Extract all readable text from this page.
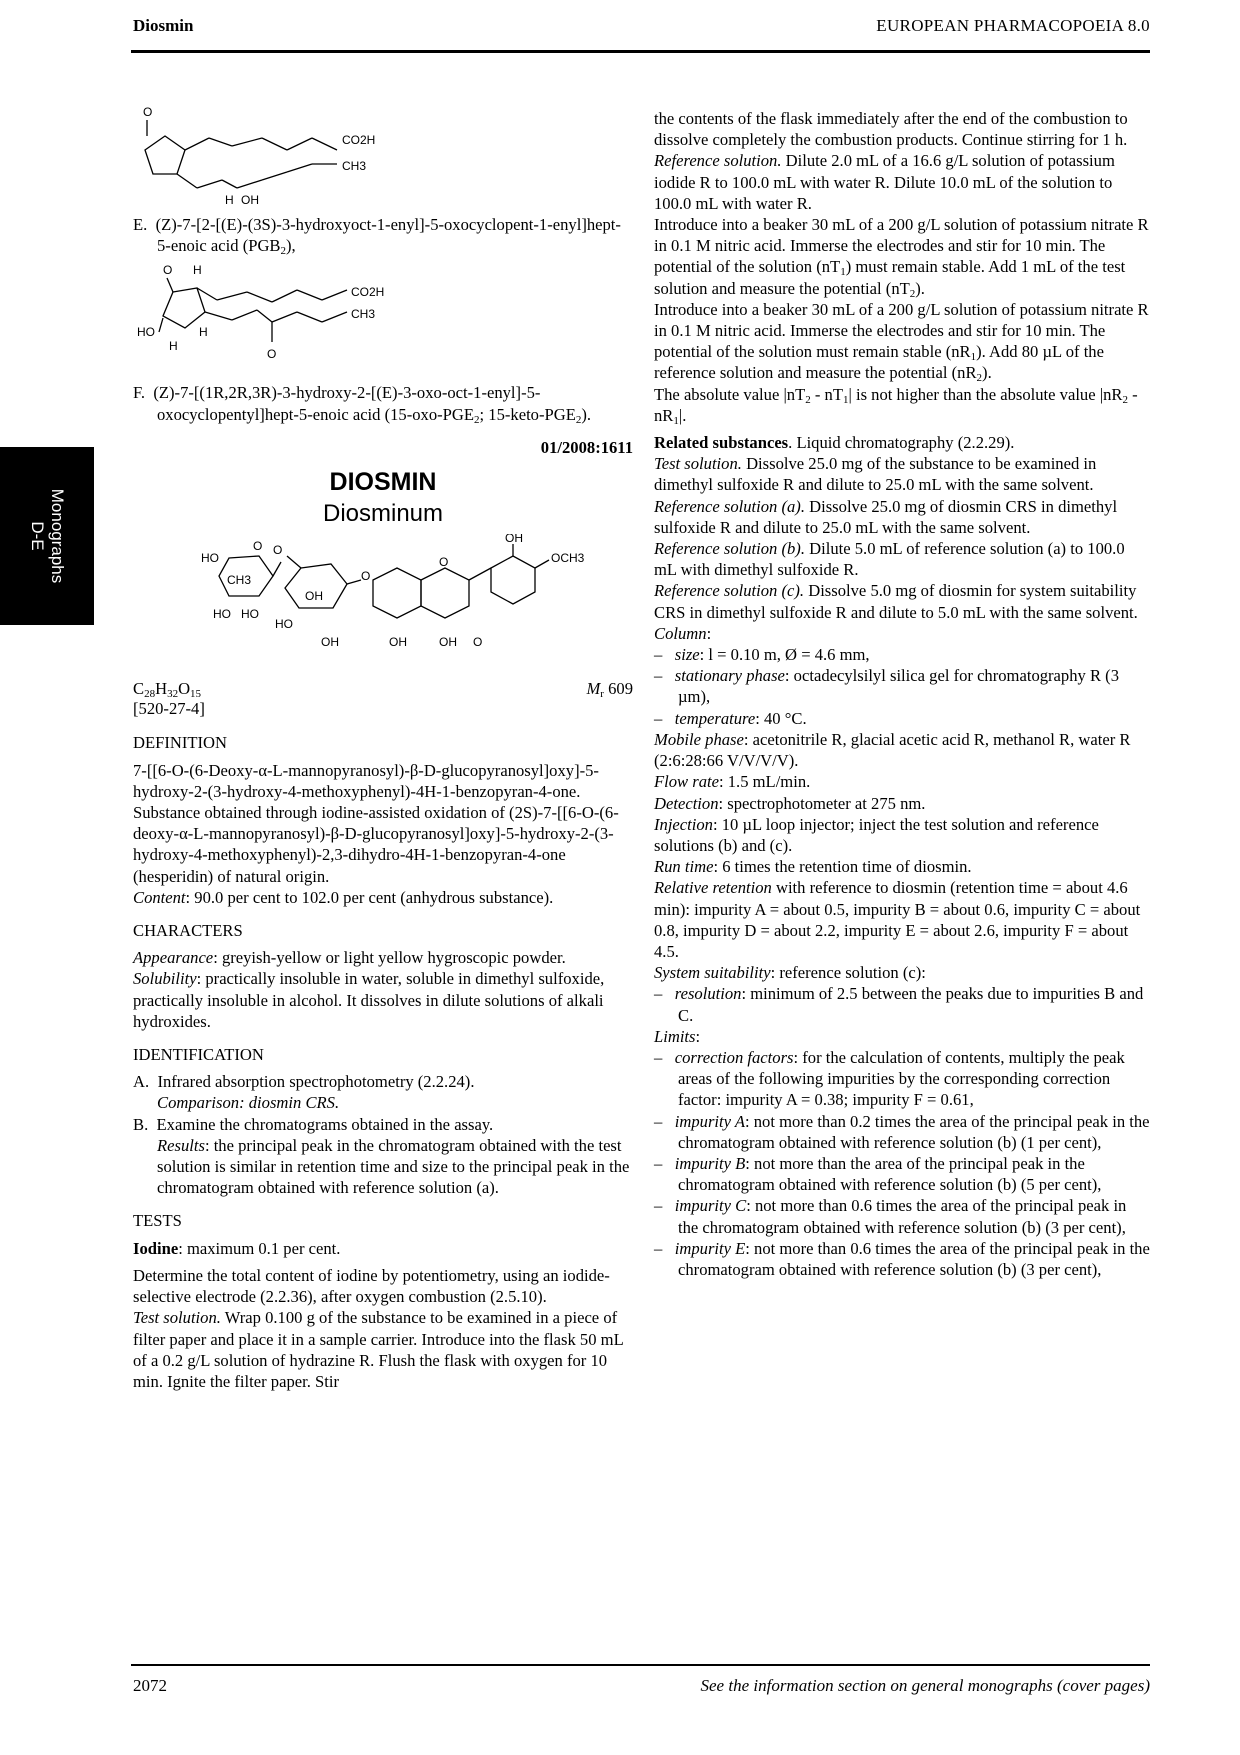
Diosmin	EUROPEAN PHARMACOPOEIA 8.0
Monographs
D-E
O
CO2H
CH3
H OH

E. (Z)-7-[2-[(E)-(3S)-3-hydroxyoct-1-enyl]-5-oxocyclopent-1-enyl]hept-5-enoic acid $(PGB_2)$,

O H
CO2H
CH3
HO
H
H
O

F. (Z)-7-[(1R,2R,3R)-3-hydroxy-2-[(E)-3-oxo-oct-1-enyl]-5-oxocyclopentyl]hept-5-enoic acid ($15-oxo-PGE_2$; $15-keto-PGE_2$).

01/2008:1611

DIOSMIN

Diosminum

HO
O
CH3
HO HO
O
OH
HO
OH
O
O
OH
OCH3
OH	OH O
$C_{28}H_{32}O_{15}$	$M_r$ 609
[520-27-4]

DEFINITION

7-[[6-O-(6-Deoxy-α-L-mannopyranosyl)-β-D-glucopyranosyl]oxy]-5-hydroxy-2-(3-hydroxy-4-methoxyphenyl)-4H-1-benzopyran-4-one.

Substance obtained through iodine-assisted oxidation of (2S)-7-[[6-O-(6-deoxy-α-L-mannopyranosyl)-β-D-glucopyranosyl]oxy]-5-hydroxy-2-(3-hydroxy-4-methoxyphenyl)-2,3-dihydro-4H-1-benzopyran-4-one (hesperidin) of natural origin.

Content: 90.0 per cent to 102.0 per cent (anhydrous substance).

CHARACTERS

Appearance: greyish-yellow or light yellow hygroscopic powder.

Solubility: practically insoluble in water, soluble in dimethyl sulfoxide, practically insoluble in alcohol. It dissolves in dilute solutions of alkali hydroxides.

IDENTIFICATION

A. Infrared absorption spectrophotometry (2.2.24).

Comparison: diosmin CRS.

B. Examine the chromatograms obtained in the assay.

Results: the principal peak in the chromatogram obtained with the test solution is similar in retention time and size to the principal peak in the chromatogram obtained with reference solution (a).

TESTS

Iodine: maximum 0.1 per cent.

Determine the total content of iodine by potentiometry, using an iodide-selective electrode (2.2.36), after oxygen combustion (2.5.10).

Test solution. Wrap 0.100 g of the substance to be examined in a piece of filter paper and place it in a sample carrier. Introduce into the flask 50 mL of a 0.2 g/L solution of hydrazine R. Flush the flask with oxygen for 10 min. Ignite the filter paper. Stir

the contents of the flask immediately after the end of the combustion to dissolve completely the combustion products. Continue stirring for 1 h.

Reference solution. Dilute 2.0 mL of a 16.6 g/L solution of potassium iodide R to 100.0 mL with water R. Dilute 10.0 mL of the solution to 100.0 mL with water R.

Introduce into a beaker 30 mL of a 200 g/L solution of potassium nitrate R in 0.1 M nitric acid. Immerse the electrodes and stir for 10 min. The potential of the solution $(nT_1)$ must remain stable. Add 1 mL of the test solution and measure the potential $(nT_2)$.

Introduce into a beaker 30 mL of a 200 g/L solution of potassium nitrate R in 0.1 M nitric acid. Immerse the electrodes and stir for 10 min. The potential of the solution must remain stable $(nR_1)$. Add 80 µL of the reference solution and measure the potential $(nR_2)$.

The absolute value $|nT_2 - nT_1|$ is not higher than the absolute value $|nR_2 - nR_1|$.

Related substances. Liquid chromatography (2.2.29).

Test solution. Dissolve 25.0 mg of the substance to be examined in dimethyl sulfoxide R and dilute to 25.0 mL with the same solvent.

Reference solution (a). Dissolve 25.0 mg of diosmin CRS in dimethyl sulfoxide R and dilute to 25.0 mL with the same solvent.

Reference solution (b). Dilute 5.0 mL of reference solution (a) to 100.0 mL with dimethyl sulfoxide R.

Reference solution (c). Dissolve 5.0 mg of diosmin for system suitability CRS in dimethyl sulfoxide R and dilute to 5.0 mL with the same solvent.

Column:

–   size: l = 0.10 m, Ø = 4.6 mm,

–   stationary phase: octadecylsilyl silica gel for chromatography R (3 µm),

–   temperature: 40 °C.

Mobile phase: acetonitrile R, glacial acetic acid R, methanol R, water R (2:6:28:66 V/V/V/V).

Flow rate: 1.5 mL/min.

Detection: spectrophotometer at 275 nm.

Injection: 10 µL loop injector; inject the test solution and reference solutions (b) and (c).

Run time: 6 times the retention time of diosmin.

Relative retention with reference to diosmin (retention time = about 4.6 min): impurity A = about 0.5, impurity B = about 0.6, impurity C = about 0.8, impurity D = about 2.2, impurity E = about 2.6, impurity F = about 4.5.

System suitability: reference solution (c):

–   resolution: minimum of 2.5 between the peaks due to impurities B and C.

Limits:

–   correction factors: for the calculation of contents, multiply the peak areas of the following impurities by the corresponding correction factor: impurity A = 0.38; impurity F = 0.61,

–   impurity A: not more than 0.2 times the area of the principal peak in the chromatogram obtained with reference solution (b) (1 per cent),

–   impurity B: not more than the area of the principal peak in the chromatogram obtained with reference solution (b) (5 per cent),

–   impurity C: not more than 0.6 times the area of the principal peak in the chromatogram obtained with reference solution (b) (3 per cent),

–   impurity E: not more than 0.6 times the area of the principal peak in the chromatogram obtained with reference solution (b) (3 per cent),

2072	See the information section on general monographs (cover pages)
